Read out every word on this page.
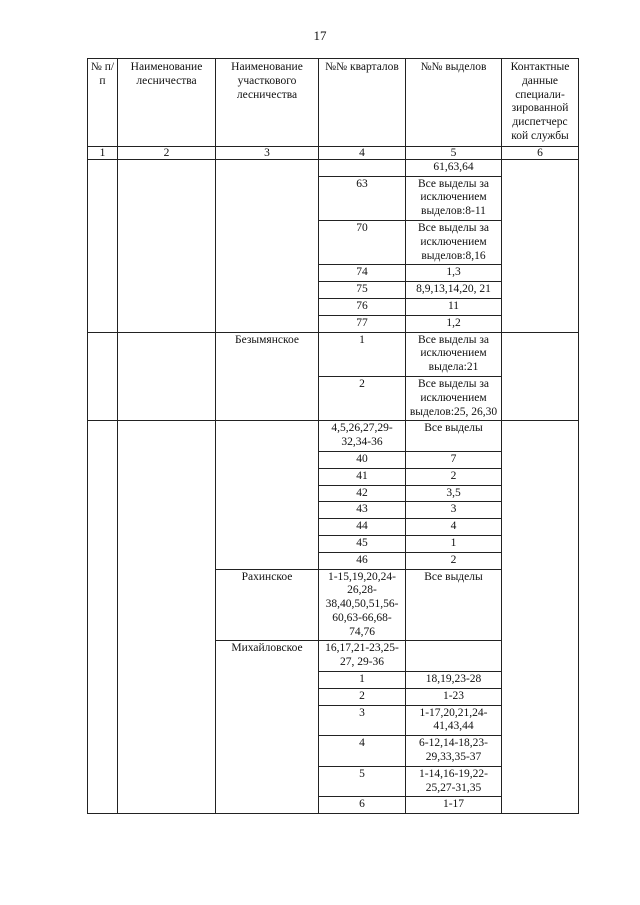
17
№ п/п	Наименование лесничества	Наименование участкового лесничества	№№ кварталов	№№ выделов	Контактные данные специали-зированной диспетчерс кой службы
1	2	3	4	5	6
				61,63,64	
			63	Все выделы за исключением выделов:8-11	
			70	Все выделы за исключением выделов:8,16	
			74	1,3	
			75	8,9,13,14,20, 21	
			76	11	
			77	1,2	
		Безымянское	1	Все выделы за исключением выдела:21	
			2	Все выделы за исключением выделов:25, 26,30	
			4,5,26,27,29-32,34-36	Все выделы	
			40	7	
			41	2	
			42	3,5	
			43	3	
			44	4	
			45	1	
			46	2	
		Рахинское	1-15,19,20,24-26,28-38,40,50,51,56-60,63-66,68-74,76	Все выделы	
		Михайловское	16,17,21-23,25-27, 29-36		
			1	18,19,23-28	
			2	1-23	
			3	1-17,20,21,24-41,43,44	
			4	6-12,14-18,23-29,33,35-37	
			5	1-14,16-19,22-25,27-31,35	
			6	1-17	
